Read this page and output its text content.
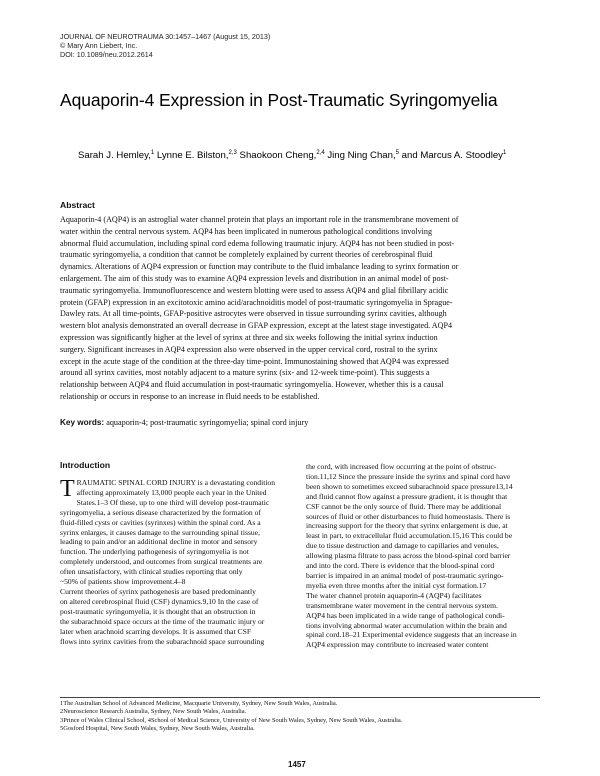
JOURNAL OF NEUROTRAUMA 30:1457–1467 (August 15, 2013)
© Mary Ann Liebert, Inc.
DOI: 10.1089/neu.2012.2614
Aquaporin-4 Expression in Post-Traumatic Syringomyelia
Sarah J. Hemley,$^1$ Lynne E. Bilston,$^{2,3}$ Shaokoon Cheng,$^{2,4}$ Jing Ning Chan,$^5$ and Marcus A. Stoodley$^1$
Abstract
Aquaporin-4 (AQP4) is an astroglial water channel protein that plays an important role in the transmembrane movement of
water within the central nervous system. AQP4 has been implicated in numerous pathological conditions involving
abnormal fluid accumulation, including spinal cord edema following traumatic injury. AQP4 has not been studied in post-
traumatic syringomyelia, a condition that cannot be completely explained by current theories of cerebrospinal fluid
dynamics. Alterations of AQP4 expression or function may contribute to the fluid imbalance leading to syrinx formation or
enlargement. The aim of this study was to examine AQP4 expression levels and distribution in an animal model of post-
traumatic syringomyelia. Immunofluorescence and western blotting were used to assess AQP4 and glial fibrillary acidic
protein (GFAP) expression in an excitotoxic amino acid/arachnoiditis model of post-traumatic syringomyelia in Sprague-
Dawley rats. At all time-points, GFAP-positive astrocytes were observed in tissue surrounding syrinx cavities, although
western blot analysis demonstrated an overall decrease in GFAP expression, except at the latest stage investigated. AQP4
expression was significantly higher at the level of syrinx at three and six weeks following the initial syrinx induction
surgery. Significant increases in AQP4 expression also were observed in the upper cervical cord, rostral to the syrinx
except in the acute stage of the condition at the three-day time-point. Immunostaining showed that AQP4 was expressed
around all syrinx cavities, most notably adjacent to a mature syrinx (six- and 12-week time-point). This suggests a
relationship between AQP4 and fluid accumulation in post-traumatic syringomyelia. However, whether this is a causal
relationship or occurs in response to an increase in fluid needs to be established.
Key words: aquaporin-4; post-traumatic syringomyelia; spinal cord injury
Introduction
T RAUMATIC SPINAL CORD INJURY is a devastating condition
affecting approximately 13,000 people each year in the United
States.1–3 Of these, up to one third will develop post-traumatic
syringomyelia, a serious disease characterized by the formation of
fluid-filled cysts or cavities (syrinxes) within the spinal cord. As a
syrinx enlarges, it causes damage to the surrounding spinal tissue,
leading to pain and/or an additional decline in motor and sensory
function. The underlying pathogenesis of syringomyelia is not
completely understood, and outcomes from surgical treatments are
often unsatisfactory, with clinical studies reporting that only
~50% of patients show improvement.4–8
Current theories of syrinx pathogenesis are based predominantly
on altered cerebrospinal fluid (CSF) dynamics.9,10 In the case of
post-traumatic syringomyelia, it is thought that an obstruction in
the subarachnoid space occurs at the time of the traumatic injury or
later when arachnoid scarring develops. It is assumed that CSF
flows into syrinx cavities from the subarachnoid space surrounding
the cord, with increased flow occurring at the point of obstruc-
tion.11,12 Since the pressure inside the syrinx and spinal cord have
been shown to sometimes exceed subarachnoid space pressure13,14
and fluid cannot flow against a pressure gradient, it is thought that
CSF cannot be the only source of fluid. There may be additional
sources of fluid or other disturbances to fluid homeostasis. There is
increasing support for the theory that syrinx enlargement is due, at
least in part, to extracellular fluid accumulation.15,16 This could be
due to tissue destruction and damage to capillaries and venules,
allowing plasma filtrate to pass across the blood-spinal cord barrier
and into the cord. There is evidence that the blood-spinal cord
barrier is impaired in an animal model of post-traumatic syringo-
myelia even three months after the initial cyst formation.17
The water channel protein aquaporin-4 (AQP4) facilitates
transmembrane water movement in the central nervous system.
AQP4 has been implicated in a wide range of pathological condi-
tions involving abnormal water accumulation within the brain and
spinal cord.18–21 Experimental evidence suggests that an increase in
AQP4 expression may contribute to increased water content
1457
1The Australian School of Advanced Medicine, Macquarie University, Sydney, New South Wales, Australia.
2Neuroscience Research Australia, Sydney, New South Wales, Australia.
3Prince of Wales Clinical School, 4School of Medical Science, University of New South Wales, Sydney, New South Wales, Australia.
5Gosford Hospital, New South Wales, Sydney, New South Wales, Australia.
